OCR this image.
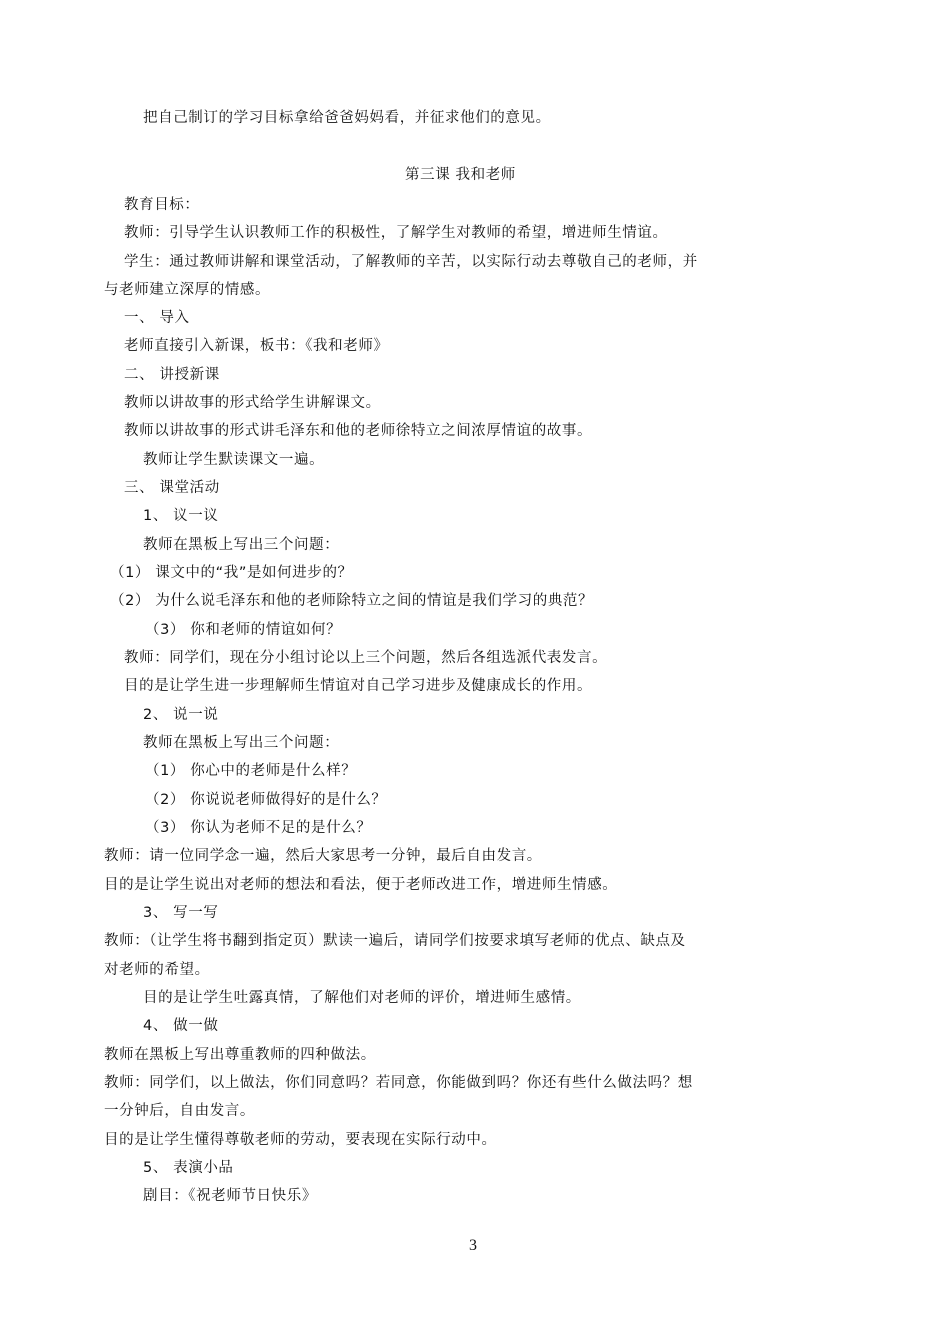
把自己制订的学习目标拿给爸爸妈妈看，并征求他们的意见。
第三课 我和老师
教育目标：
教师：引导学生认识教师工作的积极性，了解学生对教师的希望，增进师生情谊。
学生：通过教师讲解和课堂活动，了解教师的辛苦，以实际行动去尊敬自己的老师，并
与老师建立深厚的情感。
一、 导入
老师直接引入新课，板书：《我和老师》
二、 讲授新课
教师以讲故事的形式给学生讲解课文。
教师以讲故事的形式讲毛泽东和他的老师徐特立之间浓厚情谊的故事。
教师让学生默读课文一遍。
三、 课堂活动
1、 议一议
教师在黑板上写出三个问题：
（1） 课文中的“我”是如何进步的？
（2） 为什么说毛泽东和他的老师除特立之间的情谊是我们学习的典范？
（3） 你和老师的情谊如何？
教师：同学们，现在分小组讨论以上三个问题，然后各组选派代表发言。
目的是让学生进一步理解师生情谊对自己学习进步及健康成长的作用。
2、 说一说
教师在黑板上写出三个问题：
（1） 你心中的老师是什么样？
（2） 你说说老师做得好的是什么？
（3） 你认为老师不足的是什么？
教师：请一位同学念一遍，然后大家思考一分钟，最后自由发言。
目的是让学生说出对老师的想法和看法，便于老师改进工作，增进师生情感。
3、 写一写
教师：（让学生将书翻到指定页）默读一遍后，请同学们按要求填写老师的优点、缺点及
对老师的希望。
目的是让学生吐露真情，了解他们对老师的评价，增进师生感情。
4、 做一做
教师在黑板上写出尊重教师的四种做法。
教师：同学们，以上做法，你们同意吗？若同意，你能做到吗？你还有些什么做法吗？想
一分钟后，自由发言。
目的是让学生懂得尊敬老师的劳动，要表现在实际行动中。
5、 表演小品
剧目：《祝老师节日快乐》
3
